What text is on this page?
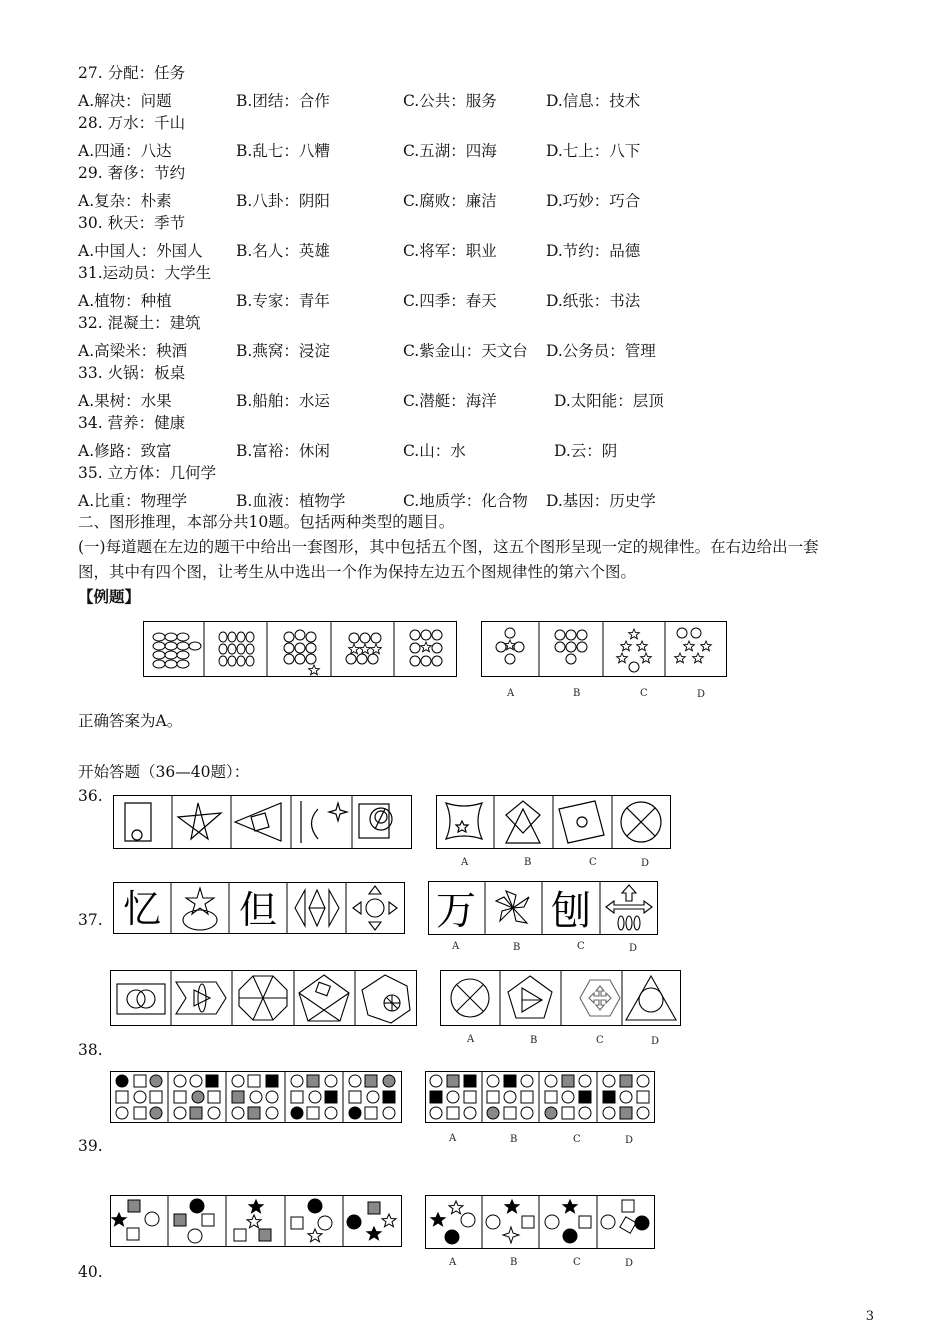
27. 分配：任务
A.解决：问题	B.团结：合作	C.公共：服务	D.信息：技术
28. 万水：千山
A.四通：八达	B.乱七：八糟	C.五湖：四海	D.七上：八下
29. 奢侈：节约
A.复杂：朴素	B.八卦：阴阳	C.腐败：廉洁	D.巧妙：巧合
30. 秋天：季节
A.中国人：外国人 B.名人：英雄	C.将军：职业	D.节约：品德
31.运动员：大学生
A.植物：种植	B.专家：青年	C.四季：春天	D.纸张：书法
32. 混凝土：建筑
A.高梁米：秧酒	B.燕窝：浸淀	C.紫金山：天文台 D.公务员：管理
33. 火锅：板桌
A.果树：水果	B.船舶：水运	C.潜艇：海洋	D.太阳能：层顶
34. 营养：健康
A.修路：致富	B.富裕：休闲	C.山：水	D.云：阴
35. 立方体：几何学
A.比重：物理学	B.血液：植物学	C.地质学：化合物 D.基因：历史学
二、图形推理，本部分共10题。包括两种类型的题目。
(一)每道题在左边的题干中给出一套图形，其中包括五个图，这五个图形呈现一定的规律性。在右边给出一套
图，其中有四个图，让考生从中选出一个作为保持左边五个图规律性的第六个图。
【例题】
A	B	C	D
正确答案为A。
开始答题（36—40题）：
36.
A	B	C	D
37. 忆 但	万 刨
A	B	C	D
38.
A	B	C	D
39.	A	B	C	D
40.
A	B	C	D
3
